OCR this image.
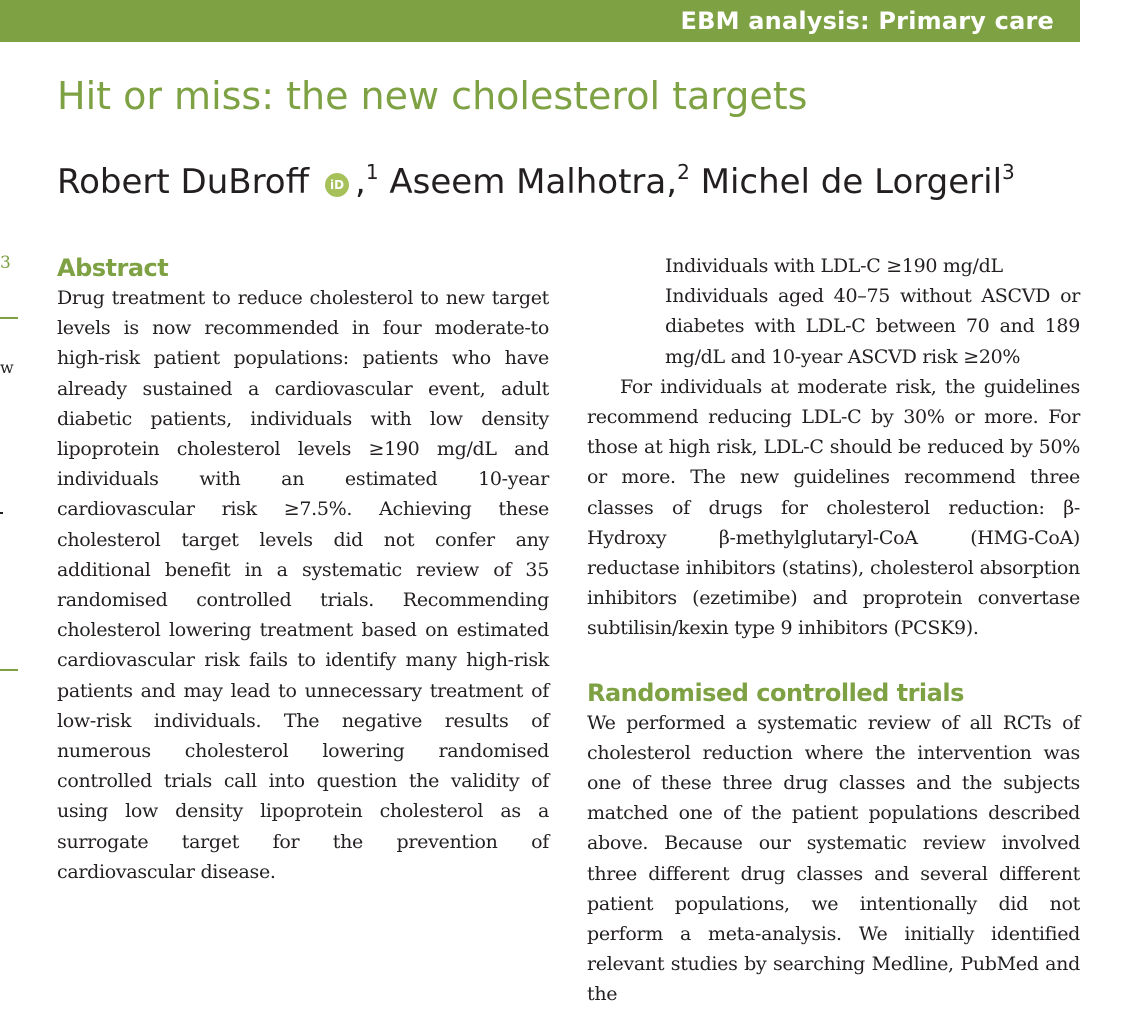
EBM analysis: Primary care
Hit or miss: the new cholesterol targets
Robert DuBroff iD ,$^1$ Aseem Malhotra,$^2$ Michel de Lorgeril$^3$
3
w
Abstract

Drug treatment to reduce cholesterol to new target levels is now recommended in four moderate-to high-risk patient populations: patients who have already sustained a cardiovascular event, adult diabetic patients, individuals with low density lipoprotein cholesterol levels ≥190 mg/dL and individuals with an estimated 10-year cardiovascular risk ≥7.5%. Achieving these cholesterol target levels did not confer any additional benefit in a systematic review of 35 randomised controlled trials. Recommending cholesterol lowering treatment based on estimated cardiovascular risk fails to identify many high-risk patients and may lead to unnecessary treatment of low-risk individuals. The negative results of numerous cholesterol lowering randomised controlled trials call into question the validity of using low density lipoprotein cholesterol as a surrogate target for the prevention of cardiovascular disease.

Individuals with LDL-C ≥190 mg/dL

Individuals aged 40–75 without ASCVD or diabetes with LDL-C between 70 and 189 mg/dL and 10-year ASCVD risk ≥20%

For individuals at moderate risk, the guidelines recommend reducing LDL-C by 30% or more. For those at high risk, LDL-C should be reduced by 50% or more. The new guidelines recommend three classes of drugs for cholesterol reduction: β-Hydroxy β-methylglutaryl-CoA (HMG-CoA) reductase inhibitors (statins), cholesterol absorption inhibitors (ezetimibe) and proprotein convertase subtilisin/kexin type 9 inhibitors (PCSK9).

Randomised controlled trials

We performed a systematic review of all RCTs of cholesterol reduction where the intervention was one of these three drug classes and the subjects matched one of the patient populations described above. Because our systematic review involved three different drug classes and several different patient populations, we intentionally did not perform a meta-analysis. We initially identified relevant studies by searching Medline, PubMed and the
